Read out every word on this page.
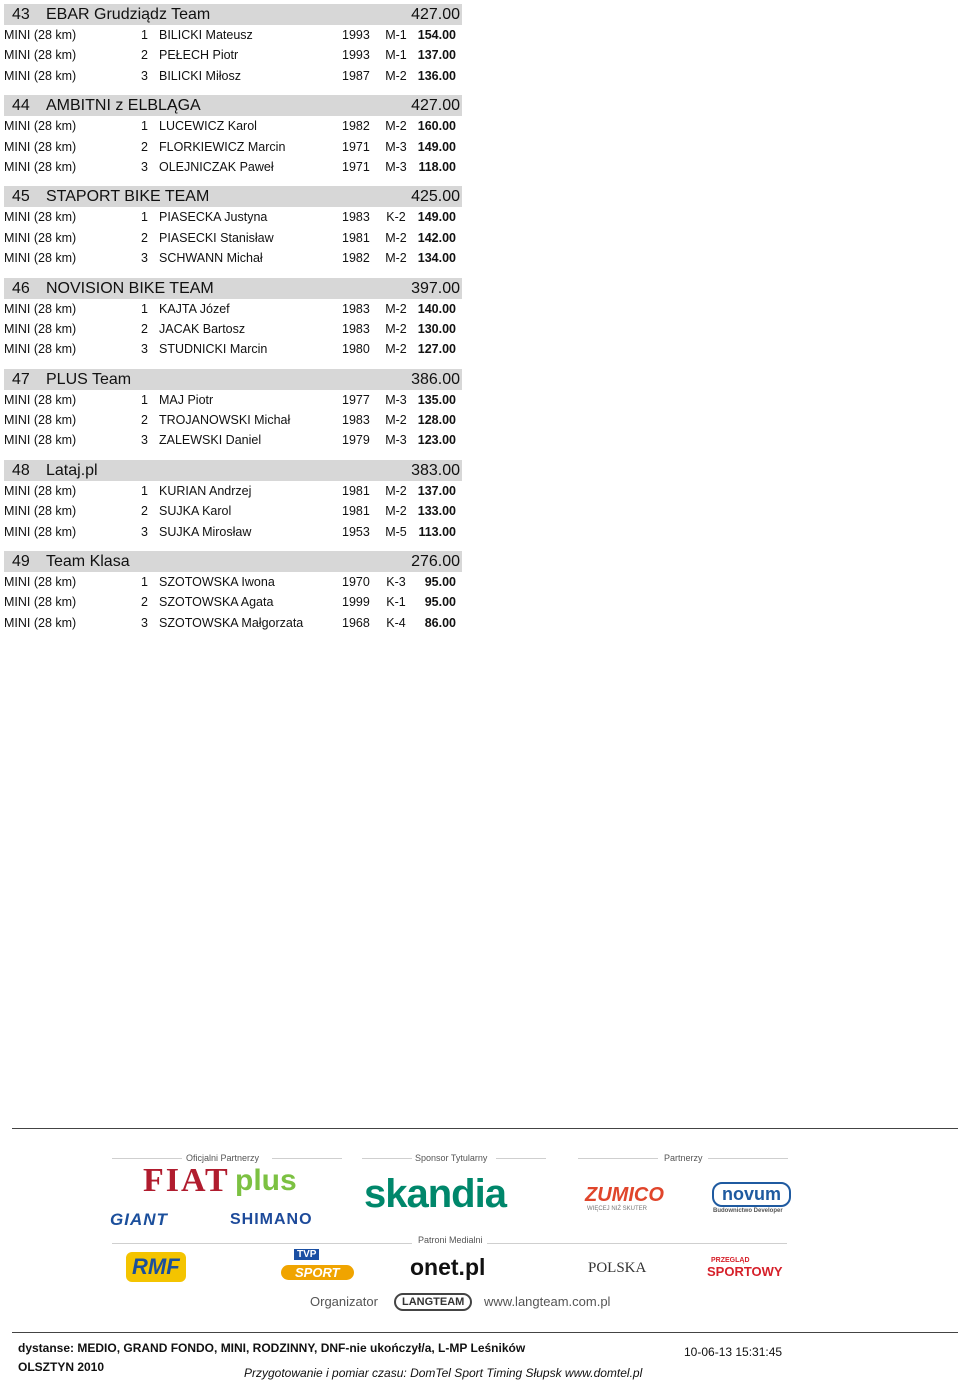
43 EBAR Grudziądz Team	427.00
MINI (28 km)	1 BILICKI Mateusz	1993 M-1 154.00
MINI (28 km)	2 PEŁECH Piotr	1993 M-1 137.00
MINI (28 km)	3 BILICKI Miłosz	1987 M-2 136.00
44 AMBITNI z ELBLĄGA	427.00
MINI (28 km)	1 LUCEWICZ Karol	1982 M-2 160.00
MINI (28 km)	2 FLORKIEWICZ Marcin	1971 M-3 149.00
MINI (28 km)	3 OLEJNICZAK Paweł	1971 M-3 118.00
45 STAPORT BIKE TEAM	425.00
MINI (28 km)	1 PIASECKA Justyna	1983 K-2 149.00
MINI (28 km)	2 PIASECKI Stanisław	1981 M-2 142.00
MINI (28 km)	3 SCHWANN Michał	1982 M-2 134.00
46 NOVISION BIKE TEAM	397.00
MINI (28 km)	1 KAJTA Józef	1983 M-2 140.00
MINI (28 km)	2 JACAK Bartosz	1983 M-2 130.00
MINI (28 km)	3 STUDNICKI Marcin	1980 M-2 127.00
47 PLUS Team	386.00
MINI (28 km)	1 MAJ Piotr	1977 M-3 135.00
MINI (28 km)	2 TROJANOWSKI Michał	1983 M-2 128.00
MINI (28 km)	3 ZALEWSKI Daniel	1979 M-3 123.00
48 Lataj.pl	383.00
MINI (28 km)	1 KURIAN Andrzej	1981 M-2 137.00
MINI (28 km)	2 SUJKA Karol	1981 M-2 133.00
MINI (28 km)	3 SUJKA Mirosław	1953 M-5 113.00
49 Team Klasa	276.00
MINI (28 km)	1 SZOTOWSKA Iwona	1970 K-3 95.00
MINI (28 km)	2 SZOTOWSKA Agata	1999 K-1 95.00
MINI (28 km)	3 SZOTOWSKA Małgorzata	1968 K-4 86.00
Oficjalni Partnerzy	Sponsor Tytularny	Partnerzy
FIAT plus
GIANT	SHIMANO
skandia	ZUMICO
WIĘCEJ NIŻ SKUTER
novum
Budownictwo Developer
Patroni Medialni
RMF	TVP
SPORT	onet.pl	POLSKA	PRZEGLĄD
SPORTOWY
Organizator	LANGTEAM	www.langteam.com.pl
dystanse: MEDIO, GRAND FONDO, MINI, RODZINNY, DNF-nie ukończył/a, L-MP Leśników
OLSZTYN 2010
10-06-13 15:31:45
Przygotowanie i pomiar czasu: DomTel Sport Timing Słupsk www.domtel.pl
